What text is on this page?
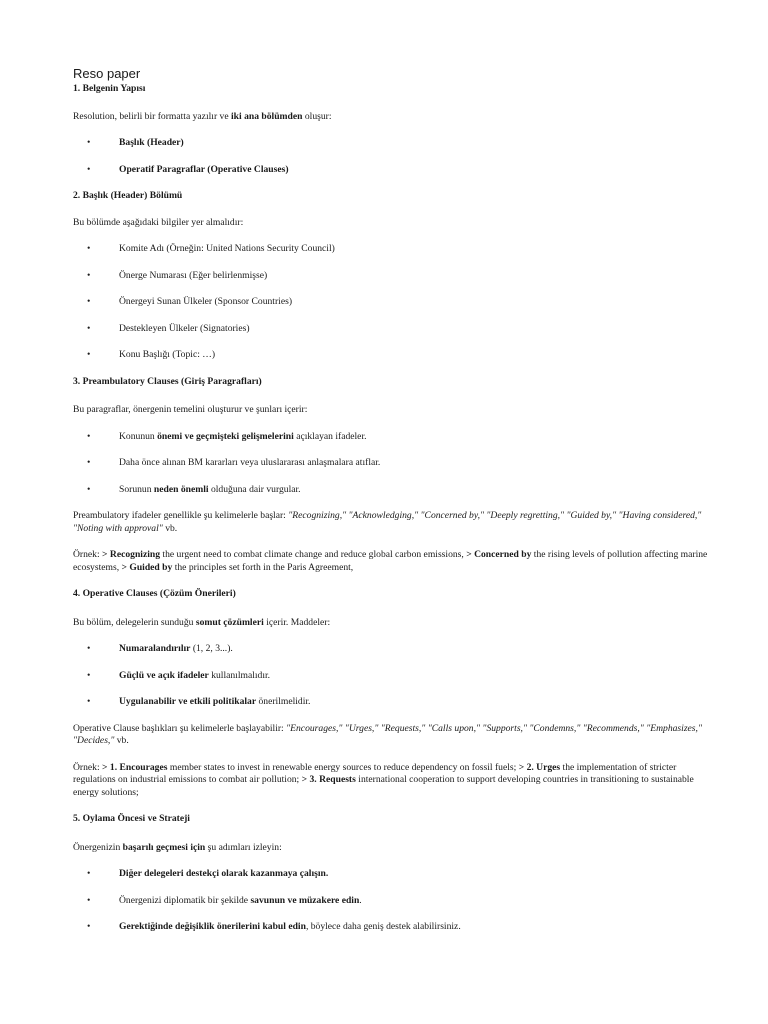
Reso paper

1. Belgenin Yapısı

Resolution, belirli bir formatta yazılır ve iki ana bölümden oluşur:

•	Başlık (Header)

•	Operatif Paragraflar (Operative Clauses)

2. Başlık (Header) Bölümü

Bu bölümde aşağıdaki bilgiler yer almalıdır:

•	Komite Adı (Örneğin: United Nations Security Council)

•	Önerge Numarası (Eğer belirlenmişse)

•	Önergeyi Sunan Ülkeler (Sponsor Countries)

•	Destekleyen Ülkeler (Signatories)

•	Konu Başlığı (Topic: …)

3. Preambulatory Clauses (Giriş Paragrafları)

Bu paragraflar, önergenin temelini oluşturur ve şunları içerir:

•	Konunun önemi ve geçmişteki gelişmelerini açıklayan ifadeler.

•	Daha önce alınan BM kararları veya uluslararası anlaşmalara atıflar.

•	Sorunun neden önemli olduğuna dair vurgular.

Preambulatory ifadeler genellikle şu kelimelerle başlar: "Recognizing," "Acknowledging," "Concerned by," "Deeply regretting," "Guided by," "Having considered," "Noting with approval" vb.

Örnek: > Recognizing the urgent need to combat climate change and reduce global carbon emissions, > Concerned by the rising levels of pollution affecting marine ecosystems, > Guided by the principles set forth in the Paris Agreement,

4. Operative Clauses (Çözüm Önerileri)

Bu bölüm, delegelerin sunduğu somut çözümleri içerir. Maddeler:

•	Numaralandırılır (1, 2, 3...).

•	Güçlü ve açık ifadeler kullanılmalıdır.

•	Uygulanabilir ve etkili politikalar önerilmelidir.

Operative Clause başlıkları şu kelimelerle başlayabilir: "Encourages," "Urges," "Requests," "Calls upon," "Supports," "Condemns," "Recommends," "Emphasizes," "Decides," vb.

Örnek: > 1. Encourages member states to invest in renewable energy sources to reduce dependency on fossil fuels; > 2. Urges the implementation of stricter regulations on industrial emissions to combat air pollution; > 3. Requests international cooperation to support developing countries in transitioning to sustainable energy solutions;

5. Oylama Öncesi ve Strateji

Önergenizin başarılı geçmesi için şu adımları izleyin:

•	Diğer delegeleri destekçi olarak kazanmaya çalışın.

•	Önergenizi diplomatik bir şekilde savunun ve müzakere edin.

•	Gerektiğinde değişiklik önerilerini kabul edin, böylece daha geniş destek alabilirsiniz.
